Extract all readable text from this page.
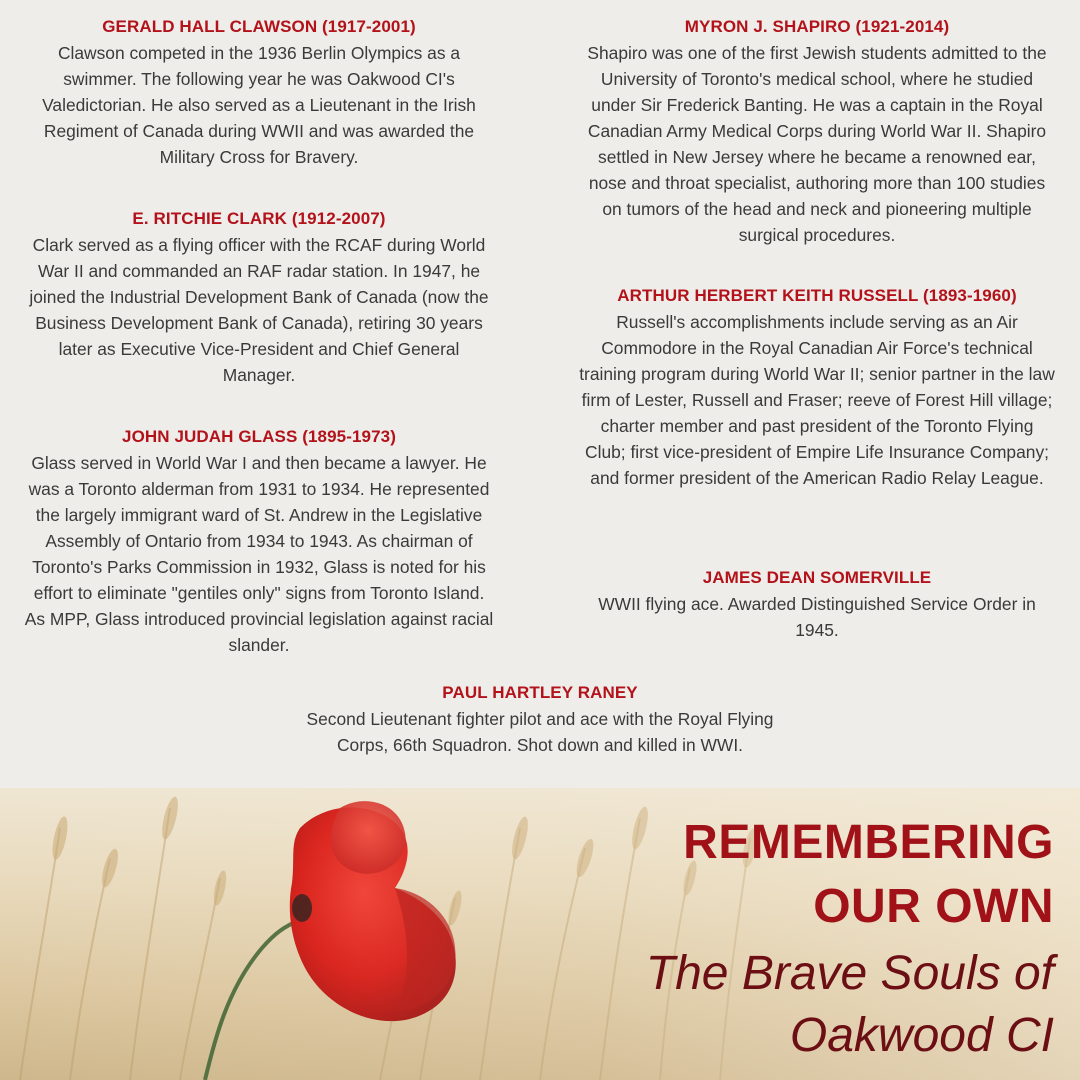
GERALD HALL CLAWSON (1917-2001)

Clawson competed in the 1936 Berlin Olympics as a swimmer. The following year he was Oakwood CI's Valedictorian. He also served as a Lieutenant in the Irish Regiment of Canada during WWII and was awarded the Military Cross for Bravery.

E. RITCHIE CLARK (1912-2007)

Clark served as a flying officer with the RCAF during World War II and commanded an RAF radar station. In 1947, he joined the Industrial Development Bank of Canada (now the Business Development Bank of Canada), retiring 30 years later as Executive Vice-President and Chief General Manager.

JOHN JUDAH GLASS (1895-1973)

Glass served in World War I and then became a lawyer. He was a Toronto alderman from 1931 to 1934. He represented the largely immigrant ward of St. Andrew in the Legislative Assembly of Ontario from 1934 to 1943. As chairman of Toronto's Parks Commission in 1932, Glass is noted for his effort to eliminate "gentiles only" signs from Toronto Island. As MPP, Glass introduced provincial legislation against racial slander.

MYRON J. SHAPIRO (1921-2014)

Shapiro was one of the first Jewish students admitted to the University of Toronto's medical school, where he studied under Sir Frederick Banting. He was a captain in the Royal Canadian Army Medical Corps during World War II. Shapiro settled in New Jersey where he became a renowned ear, nose and throat specialist, authoring more than 100 studies on tumors of the head and neck and pioneering multiple surgical procedures.

ARTHUR HERBERT KEITH RUSSELL (1893-1960)

Russell's accomplishments include serving as an Air Commodore in the Royal Canadian Air Force's technical training program during World War II; senior partner in the law firm of Lester, Russell and Fraser; reeve of Forest Hill village; charter member and past president of the Toronto Flying Club; first vice-president of Empire Life Insurance Company; and former president of the American Radio Relay League.

JAMES DEAN SOMERVILLE

WWII flying ace. Awarded Distinguished Service Order in 1945.

PAUL HARTLEY RANEY

Second Lieutenant fighter pilot and ace with the Royal Flying Corps, 66th Squadron. Shot down and killed in WWI.

REMEMBERING
OUR OWN
The Brave Souls of
Oakwood CI
